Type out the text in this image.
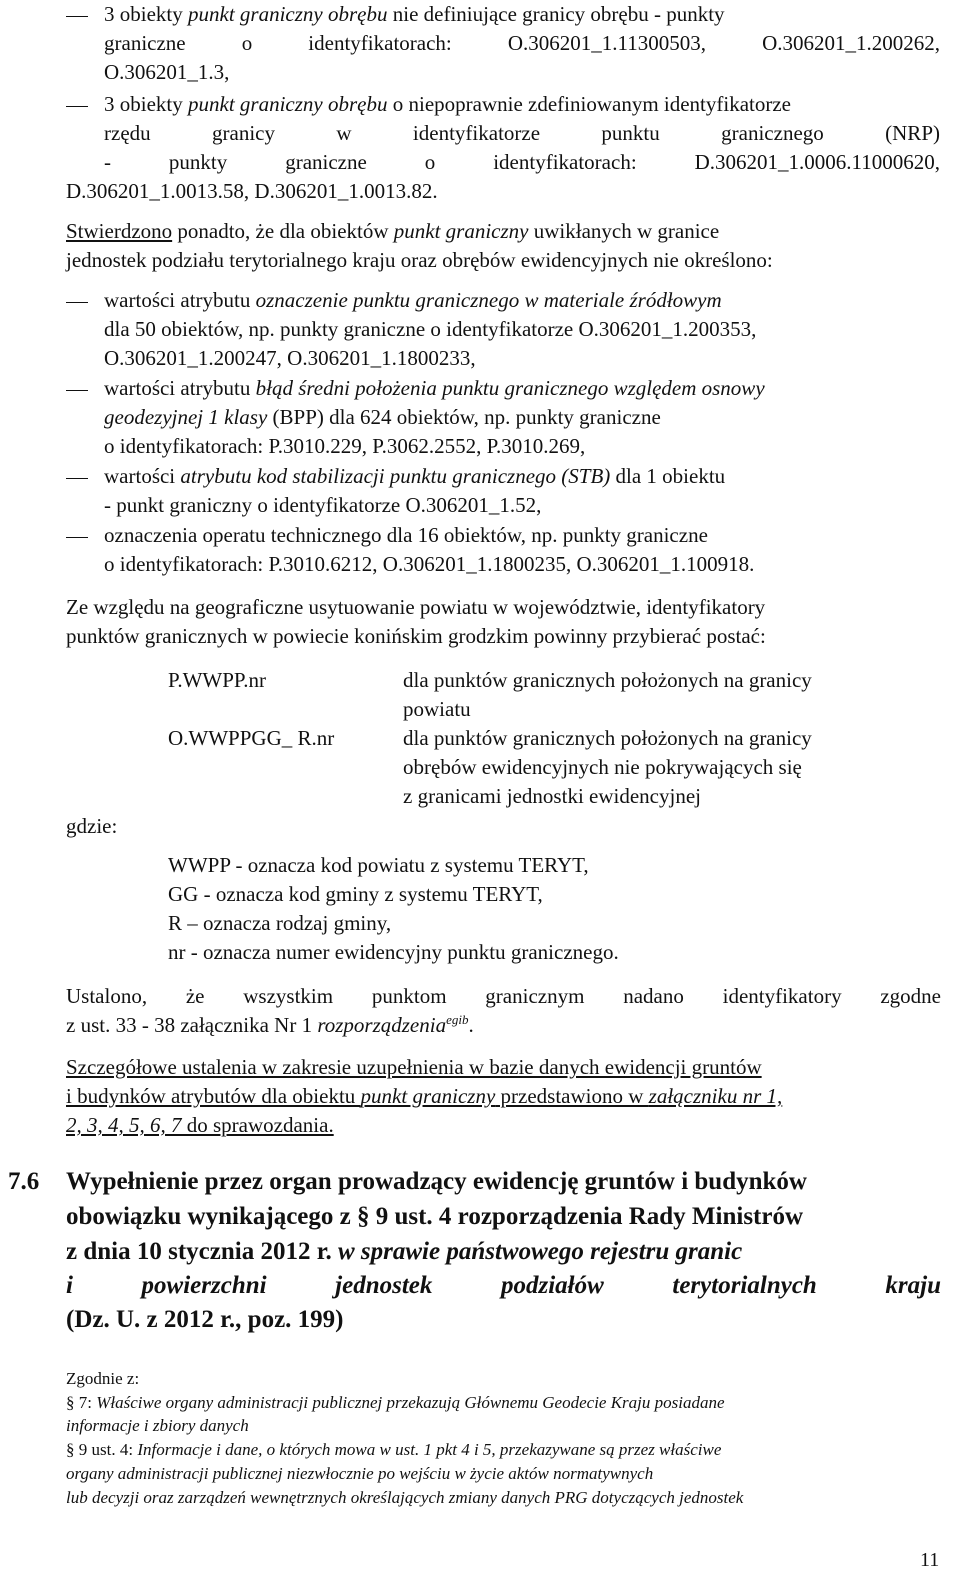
3 obiekty punkt graniczny obrębu nie definiujące granicy obrębu - punkty
graniczne o identyfikatorach: O.306201_1.11300503, O.306201_1.200262,
O.306201_1.3,
3 obiekty punkt graniczny obrębu o niepoprawnie zdefiniowanym identyfikatorze
rzędu granicy w identyfikatorze punktu granicznego (NRP)
- punkty graniczne o identyfikatorach: D.306201_1.0006.11000620,
D.306201_1.0013.58, D.306201_1.0013.82.
Stwierdzono ponadto, że dla obiektów punkt graniczny uwikłanych w granice
jednostek podziału terytorialnego kraju oraz obrębów ewidencyjnych nie określono:
wartości atrybutu oznaczenie punktu granicznego w materiale źródłowym
dla 50 obiektów, np. punkty graniczne o identyfikatorze O.306201_1.200353,
O.306201_1.200247, O.306201_1.1800233,
wartości atrybutu błąd średni położenia punktu granicznego względem osnowy
geodezyjnej 1 klasy (BPP) dla 624 obiektów, np. punkty graniczne
o identyfikatorach: P.3010.229, P.3062.2552, P.3010.269,
wartości atrybutu kod stabilizacji punktu granicznego (STB) dla 1 obiektu
- punkt graniczny o identyfikatorze O.306201_1.52,
oznaczenia operatu technicznego dla 16 obiektów, np. punkty graniczne
o identyfikatorach: P.3010.6212, O.306201_1.1800235, O.306201_1.100918.
Ze względu na geograficzne usytuowanie powiatu w województwie, identyfikatory
punktów granicznych w powiecie konińskim grodzkim powinny przybierać postać:
P.WWPP.nr	dla punktów granicznych położonych na granicy
powiatu
O.WWPPGG_ R.nr	dla punktów granicznych położonych na granicy
obrębów ewidencyjnych nie pokrywających się
z granicami jednostki ewidencyjnej
gdzie:
WWPP - oznacza kod powiatu z systemu TERYT,
GG - oznacza kod gminy z systemu TERYT,
R – oznacza rodzaj gminy,
nr - oznacza numer ewidencyjny punktu granicznego.
Ustalono, że wszystkim punktom granicznym nadano identyfikatory zgodne
z ust. 33 - 38 załącznika Nr 1 rozporządzenia$^{egib}$.
Szczegółowe ustalenia w zakresie uzupełnienia w bazie danych ewidencji gruntów
i budynków atrybutów dla obiektu punkt graniczny przedstawiono w załączniku nr 1,
2, 3, 4, 5, 6, 7 do sprawozdania.
7.6 Wypełnienie przez organ prowadzący ewidencję gruntów i budynków
obowiązku wynikającego z § 9 ust. 4 rozporządzenia Rady Ministrów
z dnia 10 stycznia 2012 r. w sprawie państwowego rejestru granic
i powierzchni jednostek podziałów terytorialnych kraju
(Dz. U. z 2012 r., poz. 199)
Zgodnie z:
§ 7: Właściwe organy administracji publicznej przekazują Głównemu Geodecie Kraju posiadane
informacje i zbiory danych
§ 9 ust. 4: Informacje i dane, o których mowa w ust. 1 pkt 4 i 5, przekazywane są przez właściwe
organy administracji publicznej niezwłocznie po wejściu w życie aktów normatywnych
lub decyzji oraz zarządzeń wewnętrznych określających zmiany danych PRG dotyczących jednostek
11
